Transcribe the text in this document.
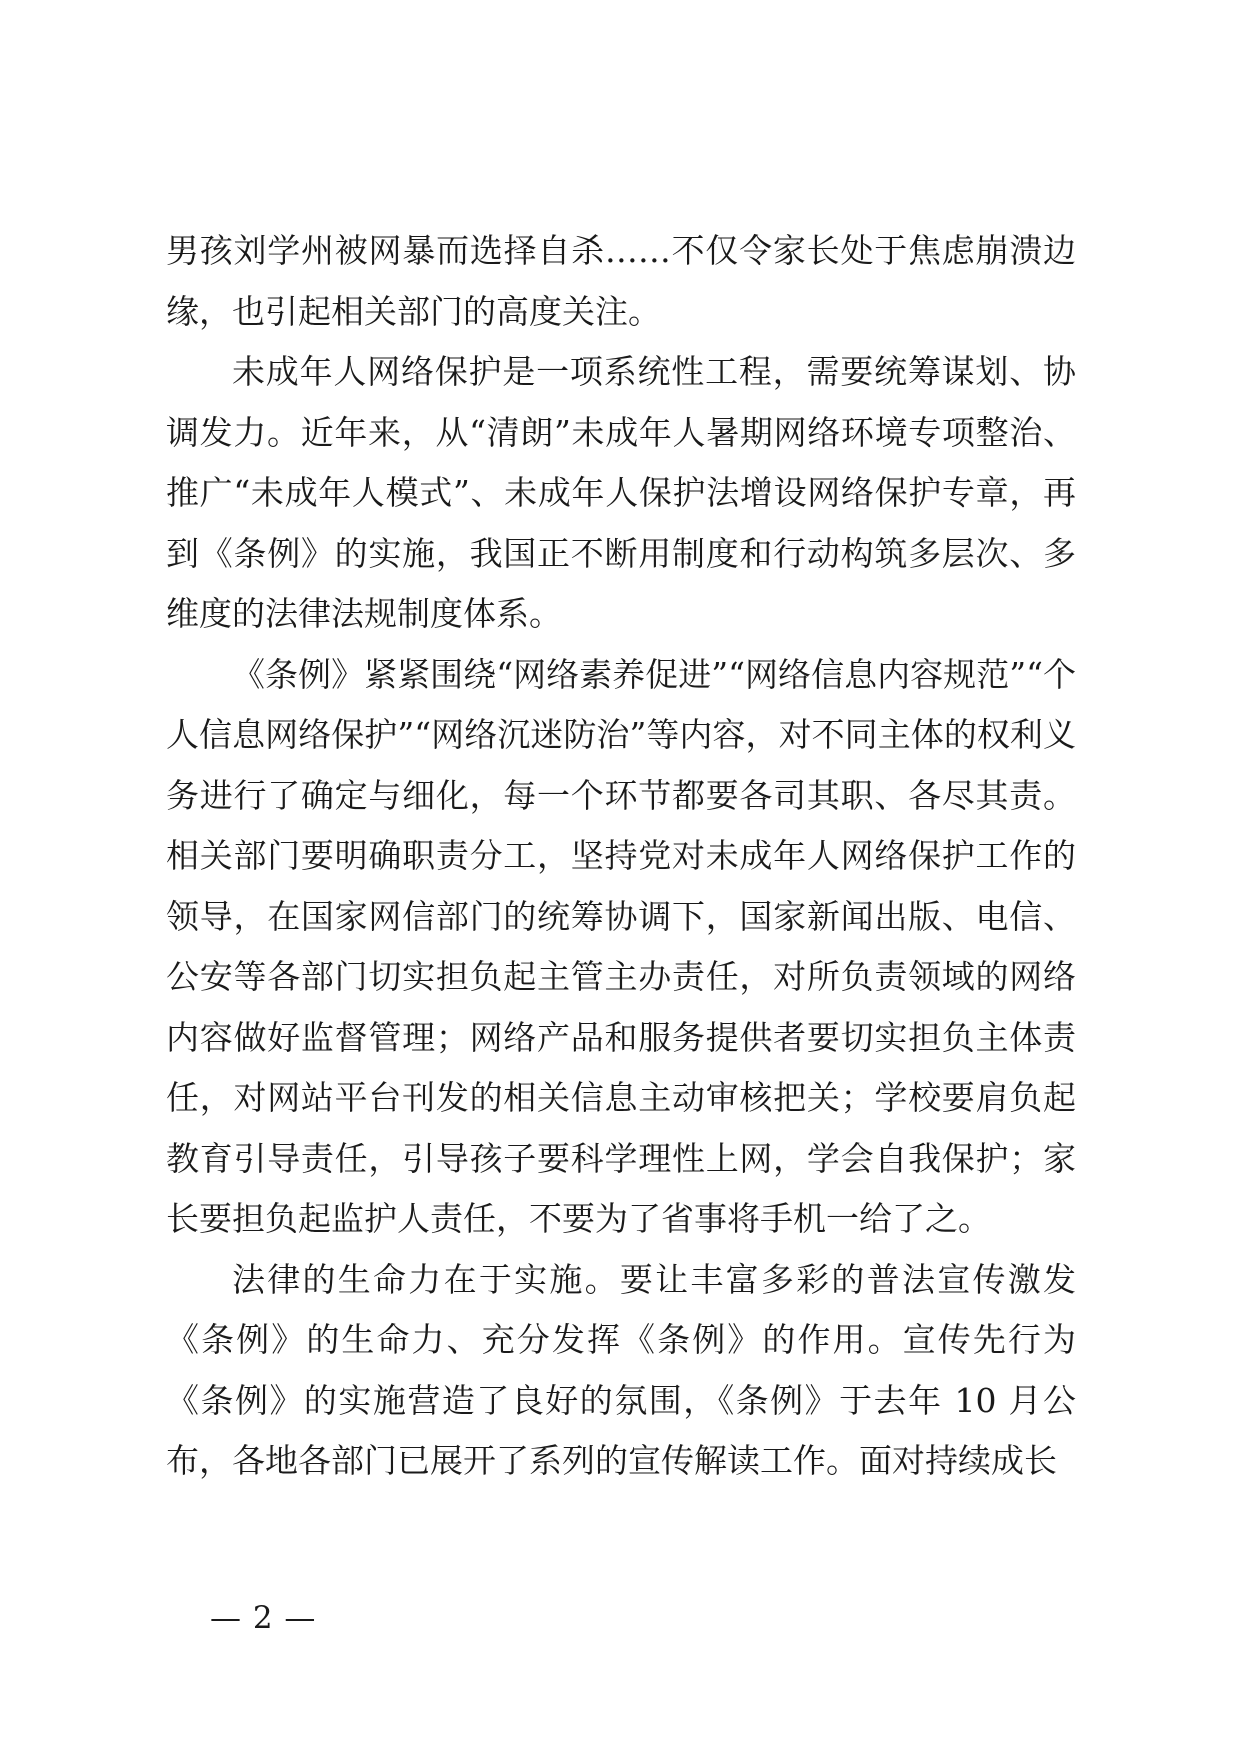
男孩刘学州被网暴而选择自杀……不仅令家长处于焦虑崩溃边缘，也引起相关部门的高度关注。

未成年人网络保护是一项系统性工程，需要统筹谋划、协调发力。近年来，从“清朗”未成年人暑期网络环境专项整治、推广“未成年人模式”、未成年人保护法增设网络保护专章，再到《条例》的实施，我国正不断用制度和行动构筑多层次、多维度的法律法规制度体系。

《条例》紧紧围绕“网络素养促进”“网络信息内容规范”“个人信息网络保护”“网络沉迷防治”等内容，对不同主体的权利义务进行了确定与细化，每一个环节都要各司其职、各尽其责。相关部门要明确职责分工，坚持党对未成年人网络保护工作的领导，在国家网信部门的统筹协调下，国家新闻出版、电信、公安等各部门切实担负起主管主办责任，对所负责领域的网络内容做好监督管理；网络产品和服务提供者要切实担负主体责任，对网站平台刊发的相关信息主动审核把关；学校要肩负起教育引导责任，引导孩子要科学理性上网，学会自我保护；家长要担负起监护人责任，不要为了省事将手机一给了之。

法律的生命力在于实施。要让丰富多彩的普法宣传激发《条例》的生命力、充分发挥《条例》的作用。宣传先行为《条例》的实施营造了良好的氛围，《条例》于去年 10 月公布，各地各部门已展开了系列的宣传解读工作。面对持续成长

— 2 —
